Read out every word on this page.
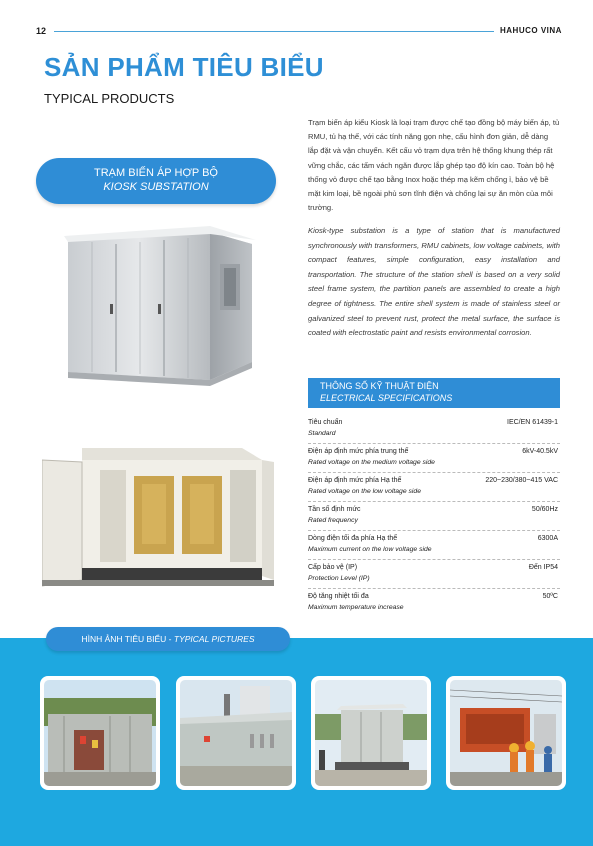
12	HAHUCO VINA
SẢN PHẨM TIÊU BIỂU
TYPICAL PRODUCTS
TRẠM BIẾN ÁP HỢP BỘ
KIOSK SUBSTATION

Trạm biến áp kiểu Kiosk là loại trạm được chế tạo đồng bộ máy biến áp, tủ RMU, tủ hạ thế, với các tính năng gọn nhẹ, cấu hình đơn giản, dễ dàng lắp đặt và vận chuyển. Kết cấu vỏ trạm dựa trên hệ thống khung thép rất vững chắc, các tấm vách ngăn được lắp ghép tạo độ kín cao. Toàn bộ hệ thống vỏ được chế tạo bằng Inox hoặc thép mạ kẽm chống ỉ, bảo vệ bề mặt kim loại, bề ngoài phủ sơn tĩnh điện và chống lại sự ăn mòn của môi trường.

Kiosk-type substation is a type of station that is manufactured synchronously with transformers, RMU cabinets, low voltage cabinets, with compact features, simple configuration, easy installation and transportation. The structure of the station shell is based on a very solid steel frame system, the partition panels are assembled to create a high degree of tightness. The entire shell system is made of stainless steel or galvanized steel to prevent rust, protect the metal surface, the surface is coated with electrostatic paint and resists environmental corrosion.

THÔNG SỐ KỸ THUẬT ĐIỆN
ELECTRICAL SPECIFICATIONS
Tiêu chuẩn
Standard
IEC/EN 61439-1
Điện áp định mức phía trung thế
Rated voltage on the medium voltage side
6kV-40.5kV
Điện áp định mức phía Hạ thế
Rated voltage on the low voltage side
220~230/380~415 VAC
Tần số định mức
Rated frequency
50/60Hz
Dòng điện tối đa phía Hạ thế
Maximum current on the low voltage side
6300A
Cấp bảo vệ (IP)
Protection Level (IP)
Đến IP54
Độ tăng nhiệt tối đa
Maximum temperature increase
50ºC
HÌNH ẢNH TIÊU BIỂU - TYPICAL PICTURES
